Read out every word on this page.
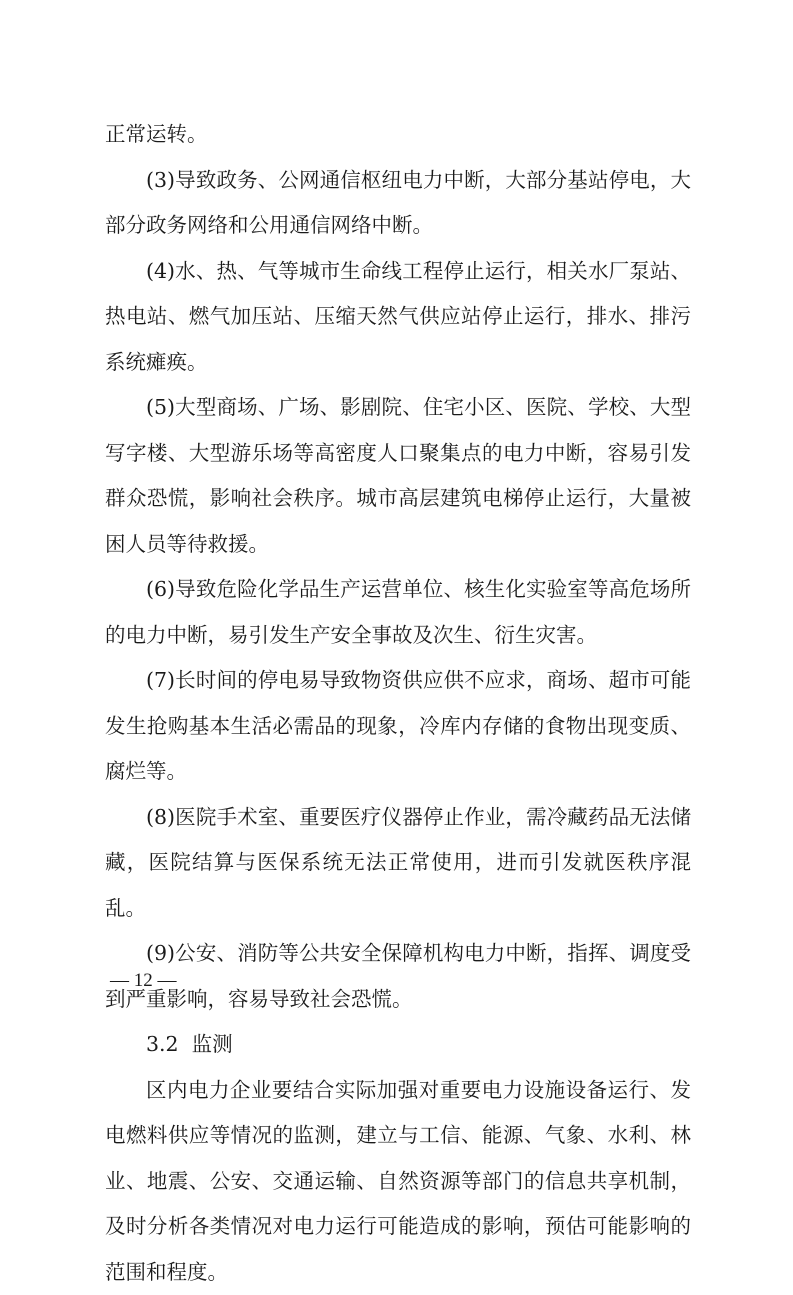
正常运转。

(3)导致政务、公网通信枢纽电力中断，大部分基站停电，大部分政务网络和公用通信网络中断。

(4)水、热、气等城市生命线工程停止运行，相关水厂泵站、热电站、燃气加压站、压缩天然气供应站停止运行，排水、排污系统瘫痪。

(5)大型商场、广场、影剧院、住宅小区、医院、学校、大型写字楼、大型游乐场等高密度人口聚集点的电力中断，容易引发群众恐慌，影响社会秩序。城市高层建筑电梯停止运行，大量被困人员等待救援。

(6)导致危险化学品生产运营单位、核生化实验室等高危场所的电力中断，易引发生产安全事故及次生、衍生灾害。

(7)长时间的停电易导致物资供应供不应求，商场、超市可能发生抢购基本生活必需品的现象，冷库内存储的食物出现变质、腐烂等。

(8)医院手术室、重要医疗仪器停止作业，需冷藏药品无法储藏，医院结算与医保系统无法正常使用，进而引发就医秩序混乱。

(9)公安、消防等公共安全保障机构电力中断，指挥、调度受到严重影响，容易导致社会恐慌。

3.2  监测

区内电力企业要结合实际加强对重要电力设施设备运行、发电燃料供应等情况的监测，建立与工信、能源、气象、水利、林业、地震、公安、交通运输、自然资源等部门的信息共享机制，及时分析各类情况对电力运行可能造成的影响，预估可能影响的范围和程度。

— 12 —
